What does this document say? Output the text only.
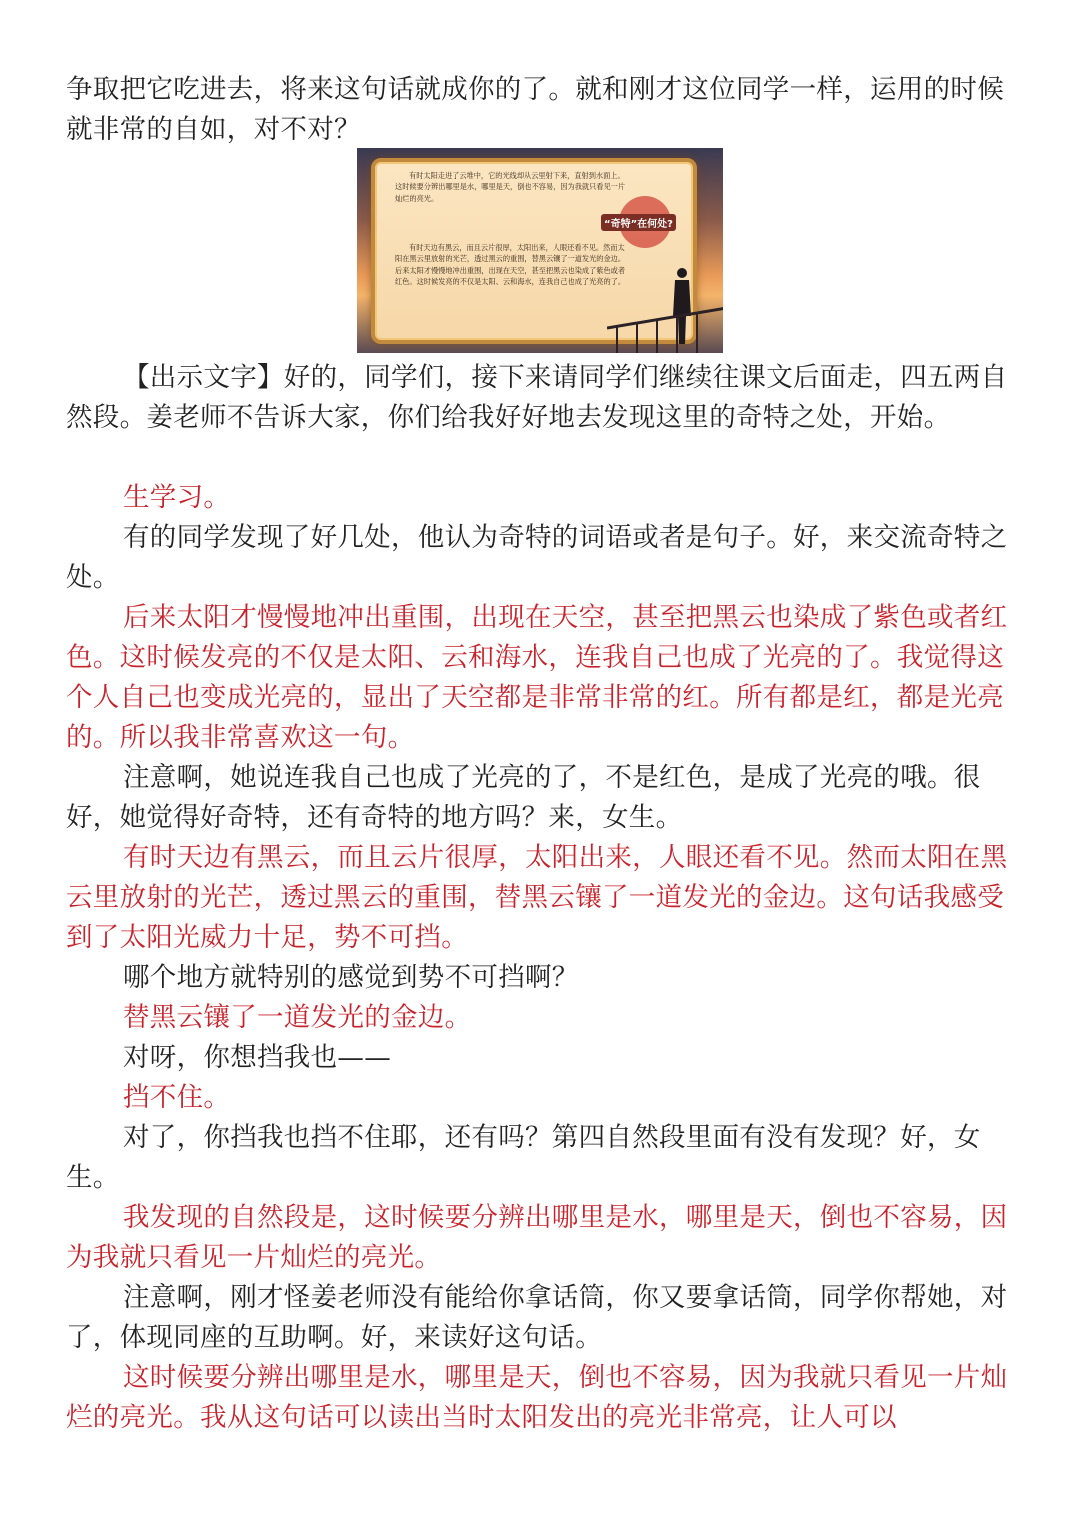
争取把它吃进去，将来这句话就成你的了。就和刚才这位同学一样，运用的时候就非常的自如，对不对？

有时太阳走进了云堆中，它的光线却从云里射下来，直射到水面上。这时候要分辨出哪里是水，哪里是天，倒也不容易，因为我就只看见一片灿烂的亮光。

有时天边有黑云，而且云片很厚，太阳出来，人眼还看不见。然而太阳在黑云里放射的光芒，透过黑云的重围，替黑云镶了一道发光的金边。后来太阳才慢慢地冲出重围，出现在天空，甚至把黑云也染成了紫色或者红色。这时候发亮的不仅是太阳、云和海水，连我自己也成了光亮的了。

“奇特”在何处?

【出示文字】好的，同学们，接下来请同学们继续往课文后面走，四五两自然段。姜老师不告诉大家，你们给我好好地去发现这里的奇特之处，开始。

生学习。

有的同学发现了好几处，他认为奇特的词语或者是句子。好，来交流奇特之处。

后来太阳才慢慢地冲出重围，出现在天空，甚至把黑云也染成了紫色或者红色。这时候发亮的不仅是太阳、云和海水，连我自己也成了光亮的了。我觉得这个人自己也变成光亮的，显出了天空都是非常非常的红。所有都是红，都是光亮的。所以我非常喜欢这一句。

注意啊，她说连我自己也成了光亮的了，不是红色，是成了光亮的哦。很好，她觉得好奇特，还有奇特的地方吗？来，女生。

有时天边有黑云，而且云片很厚，太阳出来，人眼还看不见。然而太阳在黑云里放射的光芒，透过黑云的重围，替黑云镶了一道发光的金边。这句话我感受到了太阳光威力十足，势不可挡。

哪个地方就特别的感觉到势不可挡啊？

替黑云镶了一道发光的金边。

对呀，你想挡我也——

挡不住。

对了，你挡我也挡不住耶，还有吗？第四自然段里面有没有发现？好，女生。

我发现的自然段是，这时候要分辨出哪里是水，哪里是天，倒也不容易，因为我就只看见一片灿烂的亮光。

注意啊，刚才怪姜老师没有能给你拿话筒，你又要拿话筒，同学你帮她，对了，体现同座的互助啊。好，来读好这句话。

这时候要分辨出哪里是水，哪里是天，倒也不容易，因为我就只看见一片灿烂的亮光。我从这句话可以读出当时太阳发出的亮光非常亮，让人可以
